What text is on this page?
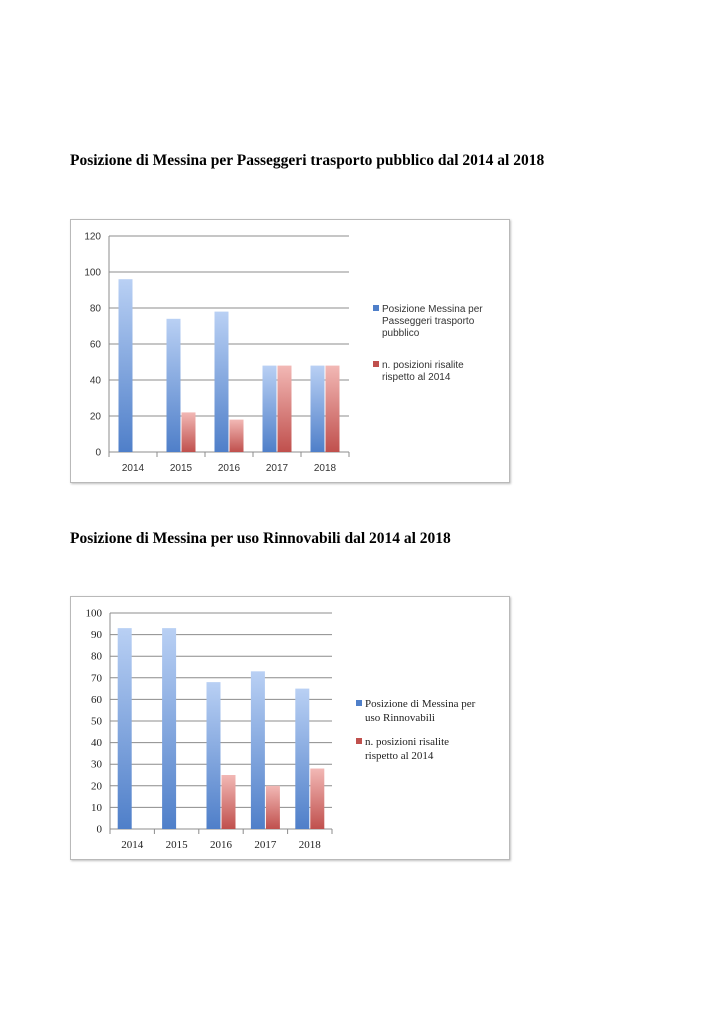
Posizione di Messina per Passeggeri trasporto pubblico dal 2014 al 2018
0
20
40
60
80
100
120
2014	2015	2016	2017	2018
Posizione Messina per
Passeggeri trasporto
pubblico
n. posizioni risalite
rispetto al 2014
Posizione di Messina per uso Rinnovabili dal 2014 al 2018
0
10
20
30
40
50
60
70
80
90
100
2014 2015 2016 2017 2018
Posizione di Messina per
uso Rinnovabili
n. posizioni risalite
rispetto al 2014
